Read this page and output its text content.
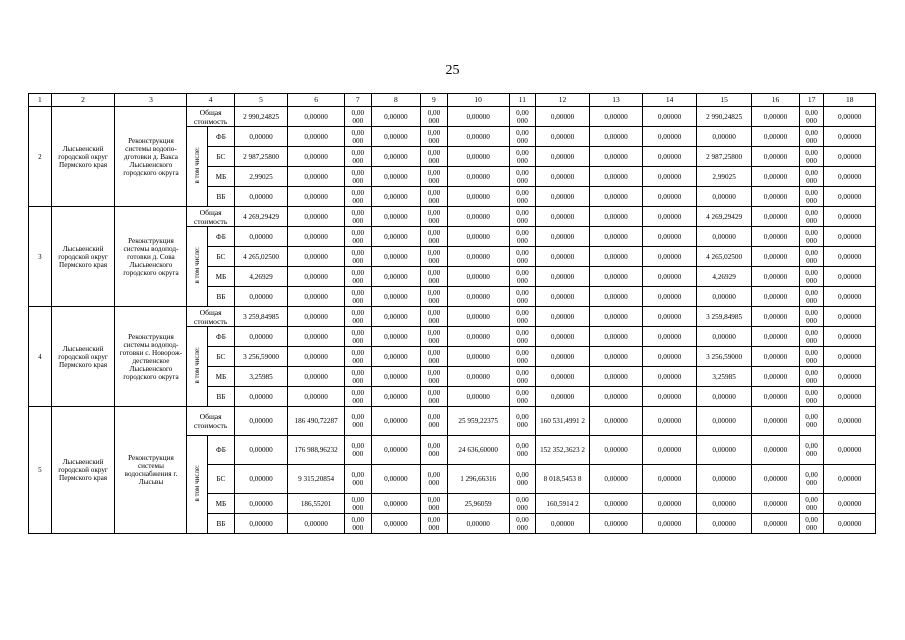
25
1	2	3	4		5	6	7	8	9	10	11	12	13	14	15	16	17	18
2	Лысьвенский городской округ Пермского края	Реконструкция системы водопо-дготовки д. Вакса Лысьвенского городского округа	Общая стоимость		2 990,24825	0,00000	0,00 000	0,00000	0,00 000	0,00000	0,00 000	0,00000	0,00000	0,00000	2 990,24825	0,00000	0,00 000	0,00000
			в том числе:	ФБ	0,00000	0,00000	0,00 000	0,00000	0,00 000	0,00000	0,00 000	0,00000	0,00000	0,00000	0,00000	0,00000	0,00 000	0,00000
				БС	2 987,25800	0,00000	0,00 000	0,00000	0,00 000	0,00000	0,00 000	0,00000	0,00000	0,00000	2 987,25800	0,00000	0,00 000	0,00000
				МБ	2,99025	0,00000	0,00 000	0,00000	0,00 000	0,00000	0,00 000	0,00000	0,00000	0,00000	2,99025	0,00000	0,00 000	0,00000
				ВБ	0,00000	0,00000	0,00 000	0,00000	0,00 000	0,00000	0,00 000	0,00000	0,00000	0,00000	0,00000	0,00000	0,00 000	0,00000
3	Лысьвенский городской округ Пермского края	Реконструкция системы водопод-готовки д. Сова Лысьвенского городского округа	Общая стоимость		4 269,29429	0,00000	0,00 000	0,00000	0,00 000	0,00000	0,00 000	0,00000	0,00000	0,00000	4 269,29429	0,00000	0,00 000	0,00000
			в том числе:	ФБ	0,00000	0,00000	0,00 000	0,00000	0,00 000	0,00000	0,00 000	0,00000	0,00000	0,00000	0,00000	0,00000	0,00 000	0,00000
				БС	4 265,02500	0,00000	0,00 000	0,00000	0,00 000	0,00000	0,00 000	0,00000	0,00000	0,00000	4 265,02500	0,00000	0,00 000	0,00000
				МБ	4,26929	0,00000	0,00 000	0,00000	0,00 000	0,00000	0,00 000	0,00000	0,00000	0,00000	4,26929	0,00000	0,00 000	0,00000
				ВБ	0,00000	0,00000	0,00 000	0,00000	0,00 000	0,00000	0,00 000	0,00000	0,00000	0,00000	0,00000	0,00000	0,00 000	0,00000
4	Лысьвенский городской округ Пермского края	Реконструкция системы водопод-готовки с. Новорож-дественское Лысьвенского городского округа	Общая стоимость		3 259,84985	0,00000	0,00 000	0,00000	0,00 000	0,00000	0,00 000	0,00000	0,00000	0,00000	3 259,84985	0,00000	0,00 000	0,00000
			в том числе:	ФБ	0,00000	0,00000	0,00 000	0,00000	0,00 000	0,00000	0,00 000	0,00000	0,00000	0,00000	0,00000	0,00000	0,00 000	0,00000
				БС	3 256,59000	0,00000	0,00 000	0,00000	0,00 000	0,00000	0,00 000	0,00000	0,00000	0,00000	3 256,59000	0,00000	0,00 000	0,00000
				МБ	3,25985	0,00000	0,00 000	0,00000	0,00 000	0,00000	0,00 000	0,00000	0,00000	0,00000	3,25985	0,00000	0,00 000	0,00000
				ВБ	0,00000	0,00000	0,00 000	0,00000	0,00 000	0,00000	0,00 000	0,00000	0,00000	0,00000	0,00000	0,00000	0,00 000	0,00000
5	Лысьвенский городской округ Пермского края	Реконструкция системы водоснабжения г. Лысьвы	Общая стоимость		0,00000	186 490,72287	0,00 000	0,00000	0,00 000	25 959,22375	0,00 000	160 531,4991 2	0,00000	0,00000	0,00000	0,00000	0,00 000	0,00000
			в том числе:	ФБ	0,00000	176 988,96232	0,00 000	0,00000	0,00 000	24 636,60000	0,00 000	152 352,3623 2	0,00000	0,00000	0,00000	0,00000	0,00 000	0,00000
				БС	0,00000	9 315,20854	0,00 000	0,00000	0,00 000	1 296,66316	0,00 000	8 018,5453 8	0,00000	0,00000	0,00000	0,00000	0,00 000	0,00000
				МБ	0,00000	186,55201	0,00 000	0,00000	0,00 000	25,96059	0,00 000	160,5914 2	0,00000	0,00000	0,00000	0,00000	0,00 000	0,00000
				ВБ	0,00000	0,00000	0,00 000	0,00000	0,00 000	0,00000	0,00 000	0,00000	0,00000	0,00000	0,00000	0,00000	0,00 000	0,00000
